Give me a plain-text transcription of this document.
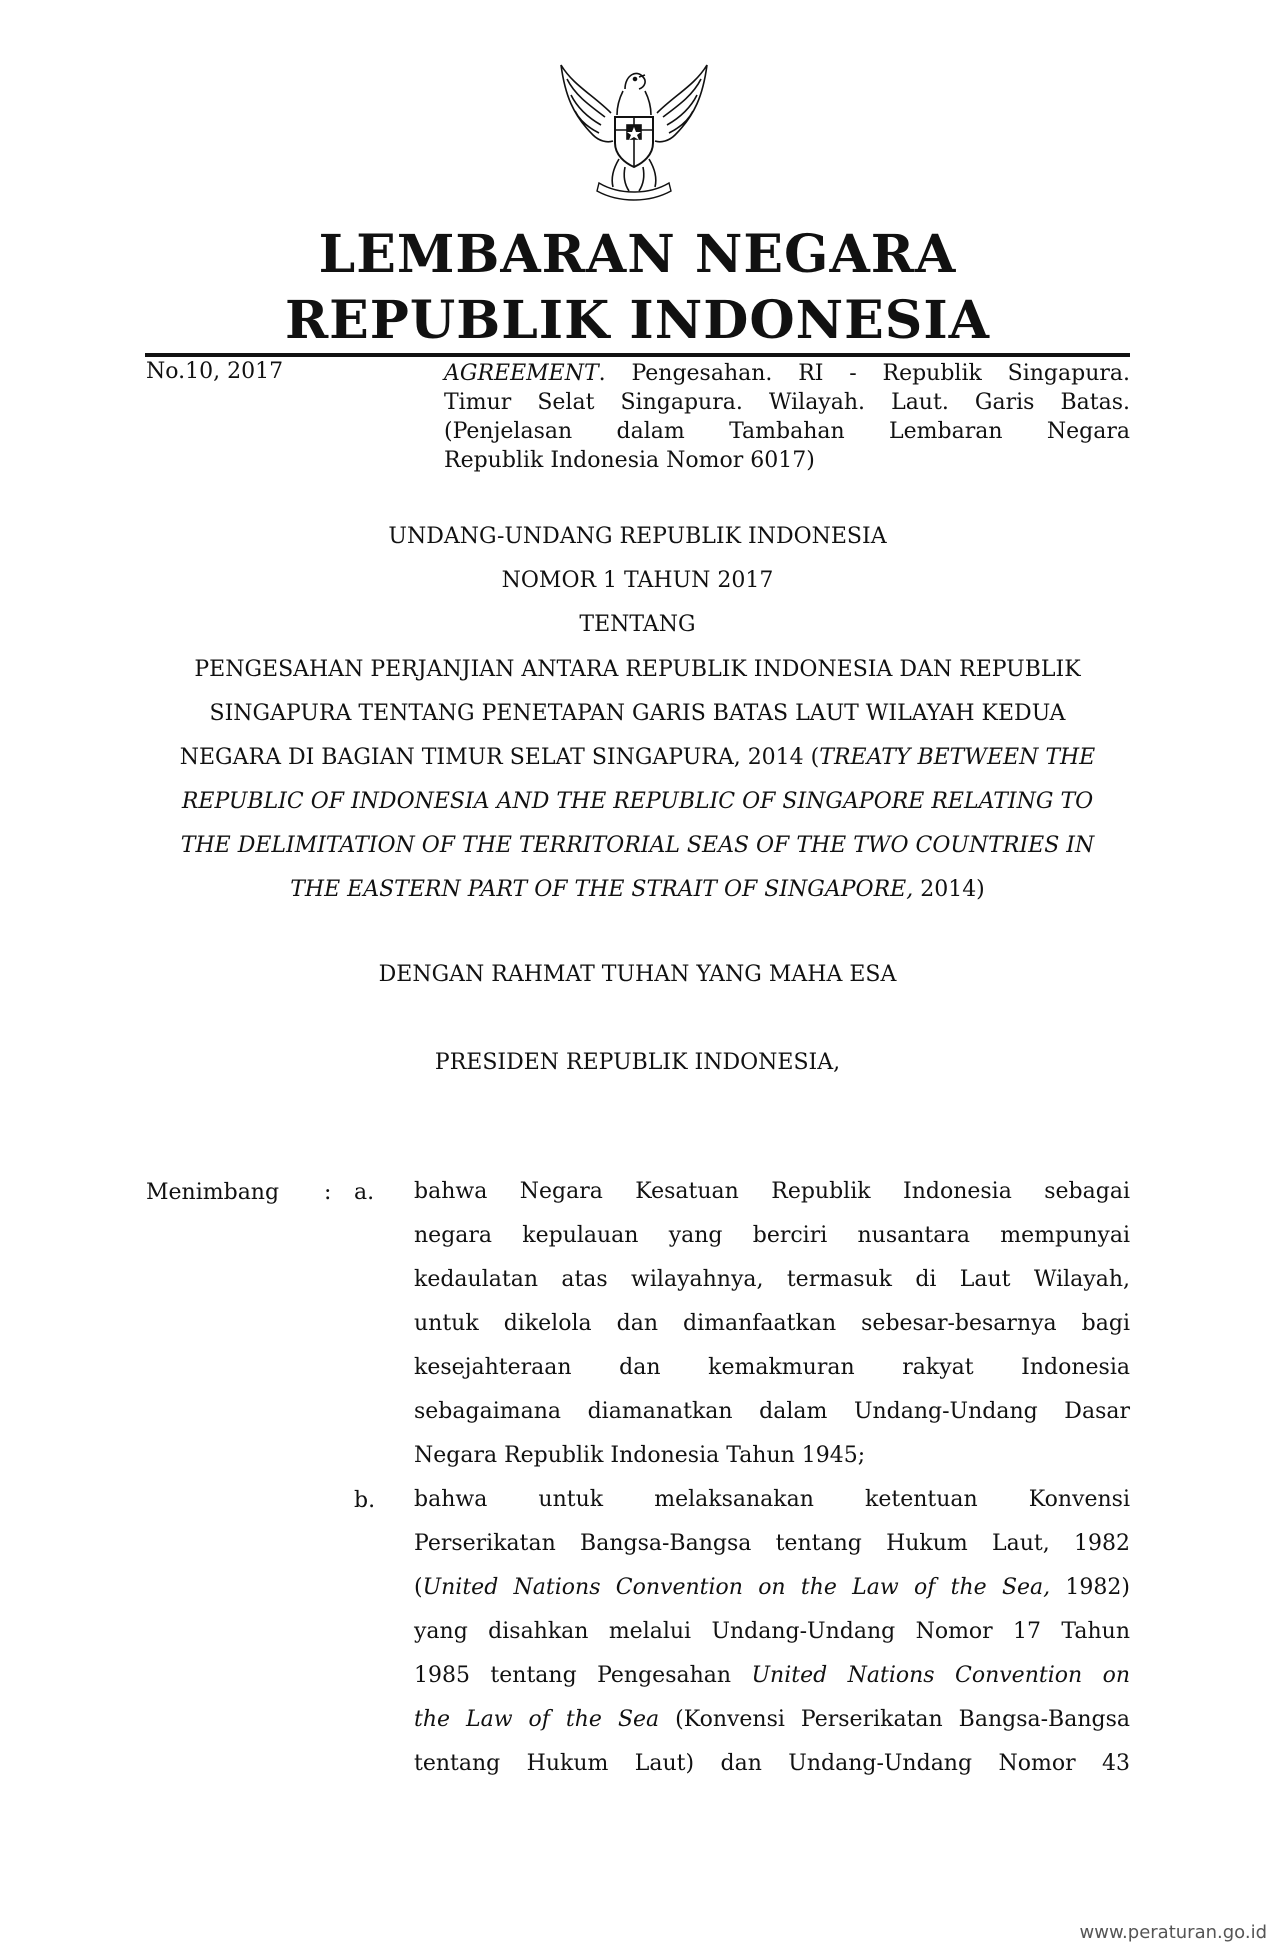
LEMBARAN NEGARA
REPUBLIK INDONESIA
No.10, 2017	AGREEMENT. Pengesahan. RI - Republik Singapura.
Timur Selat Singapura. Wilayah. Laut. Garis Batas.
(Penjelasan dalam Tambahan Lembaran Negara
Republik Indonesia Nomor 6017)
UNDANG-UNDANG REPUBLIK INDONESIA
NOMOR 1 TAHUN 2017
TENTANG
PENGESAHAN PERJANJIAN ANTARA REPUBLIK INDONESIA DAN REPUBLIK
SINGAPURA TENTANG PENETAPAN GARIS BATAS LAUT WILAYAH KEDUA
NEGARA DI BAGIAN TIMUR SELAT SINGAPURA, 2014 (TREATY BETWEEN THE
REPUBLIC OF INDONESIA AND THE REPUBLIC OF SINGAPORE RELATING TO
THE DELIMITATION OF THE TERRITORIAL SEAS OF THE TWO COUNTRIES IN
THE EASTERN PART OF THE STRAIT OF SINGAPORE, 2014)
DENGAN RAHMAT TUHAN YANG MAHA ESA
PRESIDEN REPUBLIK INDONESIA,
Menimbang : a. bahwa Negara Kesatuan Republik Indonesia sebagai
negara kepulauan yang berciri nusantara mempunyai
kedaulatan atas wilayahnya, termasuk di Laut Wilayah,
untuk dikelola dan dimanfaatkan sebesar-besarnya bagi
kesejahteraan dan kemakmuran rakyat Indonesia
sebagaimana diamanatkan dalam Undang-Undang Dasar
Negara Republik Indonesia Tahun 1945;
b. bahwa untuk melaksanakan ketentuan Konvensi
Perserikatan Bangsa-Bangsa tentang Hukum Laut, 1982
(United Nations Convention on the Law of the Sea, 1982)
yang disahkan melalui Undang-Undang Nomor 17 Tahun
1985 tentang Pengesahan United Nations Convention on
the Law of the Sea (Konvensi Perserikatan Bangsa-Bangsa
tentang Hukum Laut) dan Undang-Undang Nomor 43
www.peraturan.go.id
